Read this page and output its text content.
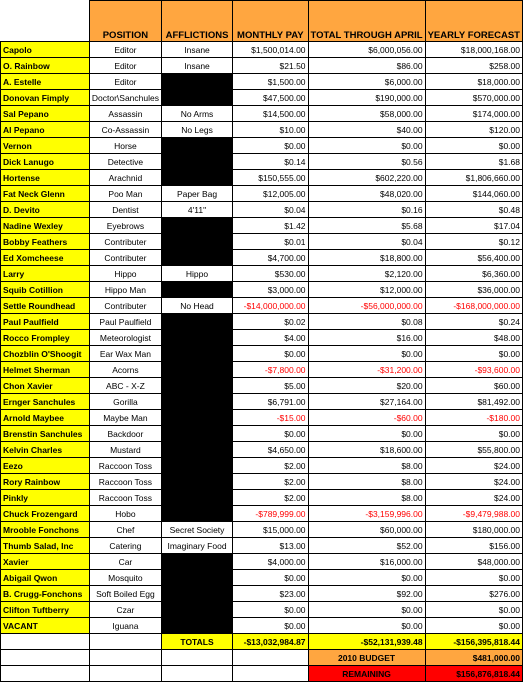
	POSITION	AFFLICTIONS	MONTHLY PAY	TOTAL THROUGH APRIL	YEARLY FORECAST
Capolo	Editor	Insane	$1,500,014.00	$6,000,056.00	$18,000,168.00
O. Rainbow	Editor	Insane	$21.50	$86.00	$258.00
A. Estelle	Editor		$1,500.00	$6,000.00	$18,000.00
Donovan Fimply	Doctor\Sanchules		$47,500.00	$190,000.00	$570,000.00
Sal Pepano	Assassin	No Arms	$14,500.00	$58,000.00	$174,000.00
Al Pepano	Co-Assassin	No Legs	$10.00	$40.00	$120.00
Vernon	Horse		$0.00	$0.00	$0.00
Dick Lanugo	Detective		$0.14	$0.56	$1.68
Hortense	Arachnid		$150,555.00	$602,220.00	$1,806,660.00
Fat Neck Glenn	Poo Man	Paper Bag	$12,005.00	$48,020.00	$144,060.00
D. Devito	Dentist	4'11"	$0.04	$0.16	$0.48
Nadine Wexley	Eyebrows		$1.42	$5.68	$17.04
Bobby Feathers	Contributer		$0.01	$0.04	$0.12
Ed Xomcheese	Contributer		$4,700.00	$18,800.00	$56,400.00
Larry	Hippo	Hippo	$530.00	$2,120.00	$6,360.00
Squib Cotillion	Hippo Man		$3,000.00	$12,000.00	$36,000.00
Settle Roundhead	Contributer	No Head	-$14,000,000.00	-$56,000,000.00	-$168,000,000.00
Paul Paulfield	Paul Paulfield		$0.02	$0.08	$0.24
Rocco Frompley	Meteorologist		$4.00	$16.00	$48.00
Chozblin O'Shoogit	Ear Wax Man		$0.00	$0.00	$0.00
Helmet Sherman	Acorns		-$7,800.00	-$31,200.00	-$93,600.00
Chon Xavier	ABC - X-Z		$5.00	$20.00	$60.00
Ernger Sanchules	Gorilla		$6,791.00	$27,164.00	$81,492.00
Arnold Maybee	Maybe Man		-$15.00	-$60.00	-$180.00
Brenstin Sanchules	Backdoor		$0.00	$0.00	$0.00
Kelvin Charles	Mustard		$4,650.00	$18,600.00	$55,800.00
Eezo	Raccoon Toss		$2.00	$8.00	$24.00
Rory Rainbow	Raccoon Toss		$2.00	$8.00	$24.00
Pinkly	Raccoon Toss		$2.00	$8.00	$24.00
Chuck Frozengard	Hobo		-$789,999.00	-$3,159,996.00	-$9,479,988.00
Mrooble Fonchons	Chef	Secret Society	$15,000.00	$60,000.00	$180,000.00
Thumb Salad, Inc	Catering	Imaginary Food	$13.00	$52.00	$156.00
Xavier	Car		$4,000.00	$16,000.00	$48,000.00
Abigail Qwon	Mosquito		$0.00	$0.00	$0.00
B. Crugg-Fonchons	Soft Boiled Egg		$23.00	$92.00	$276.00
Clifton Tuftberry	Czar		$0.00	$0.00	$0.00
VACANT	Iguana		$0.00	$0.00	$0.00
		TOTALS	-$13,032,984.87	-$52,131,939.48	-$156,395,818.44
				2010 BUDGET	$481,000.00
				REMAINING	$156,876,818.44
